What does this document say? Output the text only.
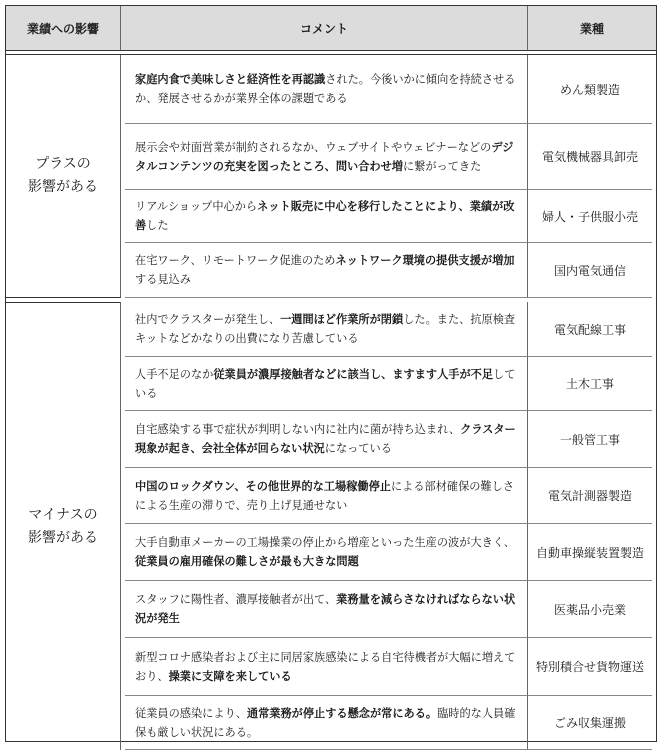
業績への影響	コメント	業種
プラスの
影響がある
マイナスの
影響がある
家庭内食で美味しさと経済性を再認識された。今後いかに傾向を持続させるか、発展させるかが業界全体の課題である
めん類製造
展示会や対面営業が制約されるなか、ウェブサイトやウェビナーなどのデジタルコンテンツの充実を図ったところ、問い合わせ増に繋がってきた
電気機械器具卸売
リアルショップ中心からネット販売に中心を移行したことにより、業績が改善した
婦人・子供服小売
在宅ワーク、リモートワーク促進のためネットワーク環境の提供支援が増加する見込み
国内電気通信
社内でクラスターが発生し、一週間ほど作業所が閉鎖した。また、抗原検査キットなどかなりの出費になり苦慮している
電気配線工事
人手不足のなか従業員が濃厚接触者などに該当し、ますます人手が不足している
土木工事
自宅感染する事で症状が判明しない内に社内に菌が持ち込まれ、クラスター現象が起き、会社全体が回らない状況になっている
一般管工事
中国のロックダウン、その他世界的な工場稼働停止による部材確保の難しさによる生産の滞りで、売り上げ見通せない
電気計測器製造
大手自動車メーカーの工場操業の停止から増産といった生産の波が大きく、従業員の雇用確保の難しさが最も大きな問題
自動車操縦装置製造
スタッフに陽性者、濃厚接触者が出て、業務量を減らさなければならない状況が発生
医薬品小売業
新型コロナ感染者および主に同居家族感染による自宅待機者が大幅に増えており、操業に支障を来している
特別積合せ貨物運送
従業員の感染により、通常業務が停止する懸念が常にある。臨時的な人員確保も厳しい状況にある。
ごみ収集運搬
